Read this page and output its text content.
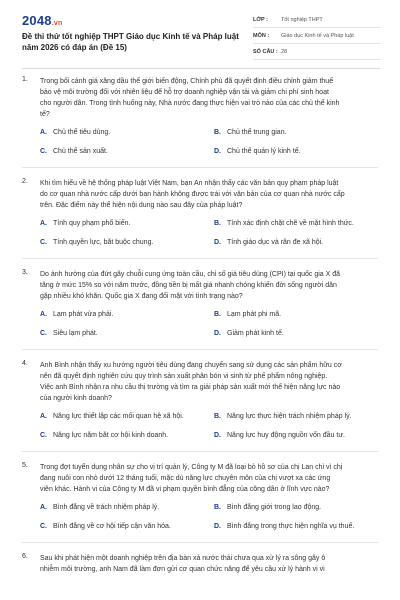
2048.vn
Đề thi thử tốt nghiệp THPT Giáo dục Kinh tế và Pháp luật năm 2026 có đáp án (Đề 15)
LỚP :	Tốt nghiệp THPT
MÔN :	Giáo dục Kinh tế và Pháp luật
SỐ CÂU : 28
1. Trong bối cảnh giá xăng dầu thế giới biến động, Chính phủ đã quyết định điều chỉnh giảm thuế

bảo vệ môi trường đối với nhiên liệu để hỗ trợ doanh nghiệp vận tải và giảm chi phí sinh hoạt

cho người dân. Trong tình huống này, Nhà nước đang thực hiện vai trò nào của các chủ thể kinh

tế?

A. Chủ thể tiêu dùng.	B. Chủ thể trung gian.
C. Chủ thể sản xuất.	D. Chủ thể quản lý kinh tế.
2. Khi tìm hiểu về hệ thống pháp luật Việt Nam, bạn An nhận thấy các văn bản quy phạm pháp luật

do cơ quan nhà nước cấp dưới ban hành không được trái với văn bản của cơ quan nhà nước cấp

trên. Đặc điểm này thể hiện nội dung nào sau đây của pháp luật?

A. Tính quy phạm phổ biến.	B. Tính xác định chặt chẽ về mặt hình thức.
C. Tính quyền lực, bắt buộc chung.	D. Tính giáo dục và răn đe xã hội.
3. Do ảnh hưởng của đứt gãy chuỗi cung ứng toàn cầu, chỉ số giá tiêu dùng (CPI) tại quốc gia X đã

tăng ở mức 15% so với năm trước, đồng tiền bị mất giá nhanh chóng khiến đời sống người dân

gặp nhiều khó khăn. Quốc gia X đang đối mặt với tình trạng nào?

A. Lạm phát vừa phải.	B. Lạm phát phi mã.
C. Siêu lạm phát.	D. Giảm phát kinh tế.
4. Anh Bình nhận thấy xu hướng người tiêu dùng đang chuyển sang sử dụng các sản phẩm hữu cơ

nên đã quyết định nghiên cứu quy trình sản xuất phân bón vi sinh từ phế phẩm nông nghiệp.

Việc anh Bình nhận ra nhu cầu thị trường và tìm ra giải pháp sản xuất mới thể hiện năng lực nào

của người kinh doanh?

A. Năng lực thiết lập các mối quan hệ xã hội.	B. Năng lực thực hiện trách nhiệm pháp lý.
C. Năng lực nắm bắt cơ hội kinh doanh.	D. Năng lực huy động nguồn vốn đầu tư.
5. Trong đợt tuyển dụng nhân sự cho vị trí quản lý, Công ty M đã loại bỏ hồ sơ của chị Lan chỉ vì chị

đang nuôi con nhỏ dưới 12 tháng tuổi, mặc dù năng lực chuyên môn của chị vượt xa các ứng

viên khác. Hành vi của Công ty M đã vi phạm quyền bình đẳng của công dân ở lĩnh vực nào?

A. Bình đẳng về trách nhiệm pháp lý.	B. Bình đẳng giới trong lao động.
C. Bình đẳng về cơ hội tiếp cận văn hóa.	D. Bình đẳng trong thực hiện nghĩa vụ thuế.
6. Sau khi phát hiện một doanh nghiệp trên địa bàn xả nước thải chưa qua xử lý ra sông gây ô

nhiễm môi trường, anh Nam đã làm đơn gửi cơ quan chức năng để yêu cầu xử lý hành vi vi
